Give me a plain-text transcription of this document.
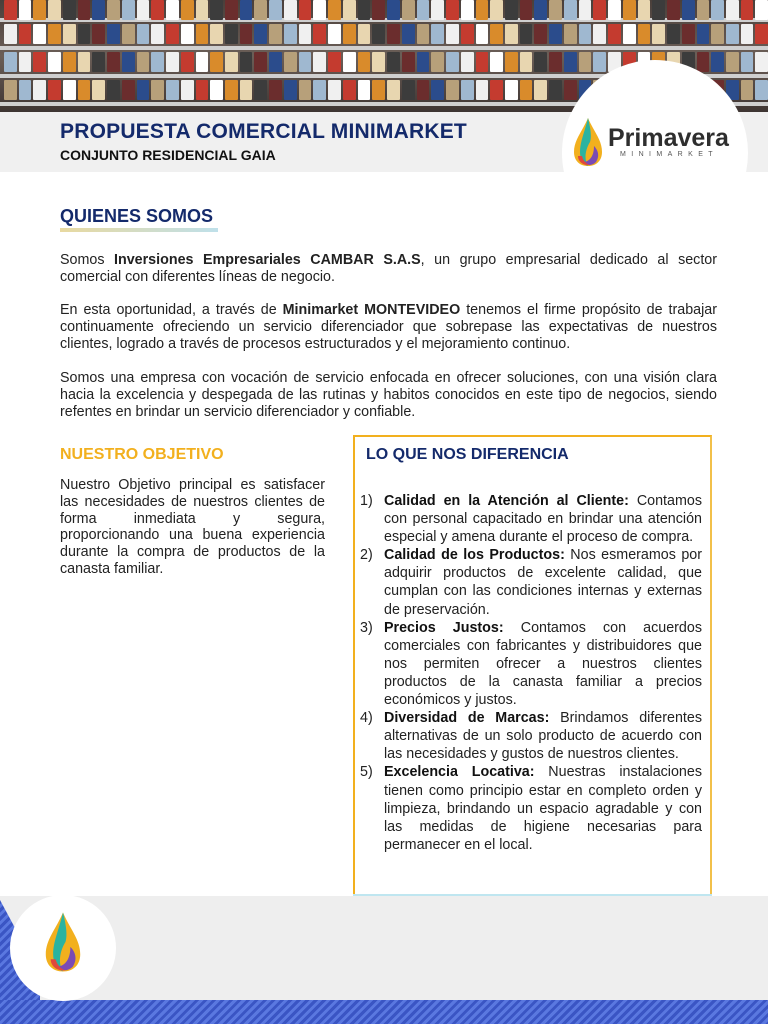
PROPUESTA COMERCIAL MINIMARKET
CONJUNTO RESIDENCIAL GAIA
Primavera
MINIMARKET
QUIENES SOMOS

Somos Inversiones Empresariales CAMBAR S.A.S, un grupo empresarial dedicado al sector comercial con diferentes líneas de negocio.

En esta oportunidad, a través de Minimarket MONTEVIDEO tenemos el firme propósito de trabajar continuamente ofreciendo un servicio diferenciador que sobrepase las expectativas de nuestros clientes, logrado a través de procesos estructurados y el mejoramiento continuo.

Somos una empresa con vocación de servicio enfocada en ofrecer soluciones, con una visión clara hacia la excelencia y despegada de las rutinas y habitos conocidos en este tipo de negocios, siendo refentes en brindar un servicio diferenciador y confiable.

NUESTRO OBJETIVO

Nuestro Objetivo principal es satisfacer las necesidades de nuestros clientes de forma inmediata y segura, proporcionando una buena experiencia durante la compra de productos de la canasta familiar.

LO QUE NOS DIFERENCIA
1) Calidad en la Atención al Cliente: Contamos con personal capacitado en brindar una atención especial y amena durante el proceso de compra.
2) Calidad de los Productos: Nos esmeramos por adquirir productos de excelente calidad, que cumplan con las condiciones internas y externas de preservación.
3) Precios Justos: Contamos con acuerdos comerciales con fabricantes y distribuidores que nos permiten ofrecer a nuestros clientes productos de la canasta familiar a precios económicos y justos.
4) Diversidad de Marcas: Brindamos diferentes alternativas de un solo producto de acuerdo con las necesidades y gustos de nuestros clientes.
5) Excelencia Locativa: Nuestras instalaciones tienen como principio estar en completo orden y limpieza, brindando un espacio agradable y con las medidas de higiene necesarias para permanecer en el local.
